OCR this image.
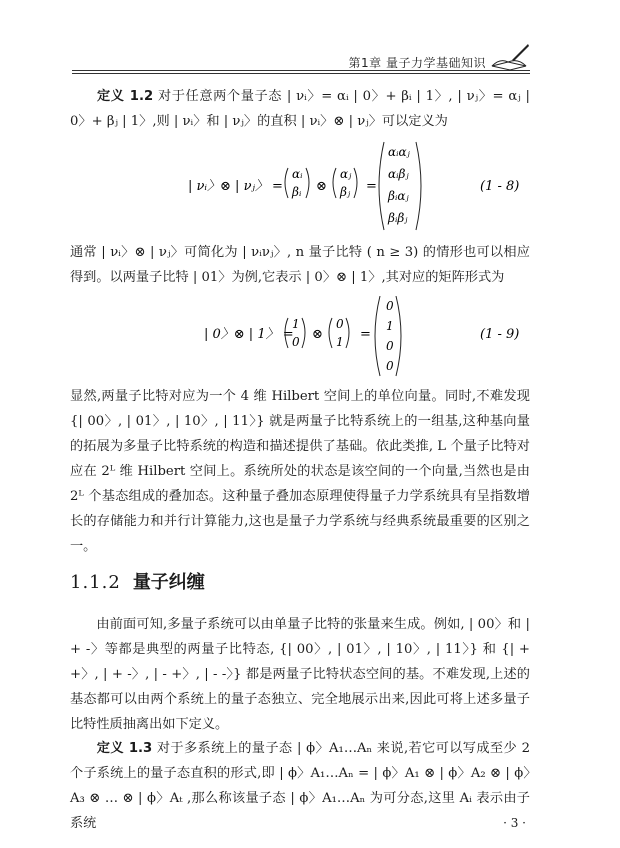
第1章 量子力学基础知识
定义 1.2 对于任意两个量子态 | νᵢ〉= αᵢ | 0〉+ βᵢ | 1〉, | νⱼ〉= αⱼ | 0〉+ βⱼ | 1〉,则 | νᵢ〉和 | νⱼ〉的直积 | νᵢ〉⊗ | νⱼ〉可以定义为
| νᵢ〉⊗ | νⱼ〉 =
αᵢ
βᵢ ⊗
αⱼ
βⱼ =
αᵢαⱼ
αᵢβⱼ
βᵢαⱼ
βᵢβⱼ
(1 - 8)
通常 | νᵢ〉⊗ | νⱼ〉可简化为 | νᵢνⱼ〉, n 量子比特 ( n ≥ 3) 的情形也可以相应得到。以两量子比特 | 01〉为例,它表示 | 0〉⊗ | 1〉,其对应的矩阵形式为
| 0〉⊗ | 1〉 =
1
0 ⊗
0
1 =
0
1
0
0
(1 - 9)
显然,两量子比特对应为一个 4 维 Hilbert 空间上的单位向量。同时,不难发现 {| 00〉, | 01〉, | 10〉, | 11〉} 就是两量子比特系统上的一组基,这种基向量的拓展为多量子比特系统的构造和描述提供了基础。依此类推, L 个量子比特对应在 2ᴸ 维 Hilbert 空间上。系统所处的状态是该空间的一个向量,当然也是由 2ᴸ 个基态组成的叠加态。这种量子叠加态原理使得量子力学系统具有呈指数增长的存储能力和并行计算能力,这也是量子力学系统与经典系统最重要的区别之一。
1.1.2 量子纠缠
由前面可知,多量子系统可以由单量子比特的张量来生成。例如, | 00〉和 | + -〉等都是典型的两量子比特态, {| 00〉, | 01〉, | 10〉, | 11〉} 和 {| + +〉, | + -〉, | - +〉, | - -〉} 都是两量子比特状态空间的基。不难发现,上述的基态都可以由两个系统上的量子态独立、完全地展示出来,因此可将上述多量子比特性质抽离出如下定义。
定义 1.3 对于多系统上的量子态 | ϕ〉A₁…Aₙ 来说,若它可以写成至少 2 个子系统上的量子态直积的形式,即 | ϕ〉A₁…Aₙ = | ϕ〉A₁ ⊗ | ϕ〉A₂ ⊗ | ϕ〉A₃ ⊗ … ⊗ | ϕ〉Aₜ ,那么称该量子态 | ϕ〉A₁…Aₙ 为可分态,这里 Aᵢ 表示由子系统	· 3 ·
